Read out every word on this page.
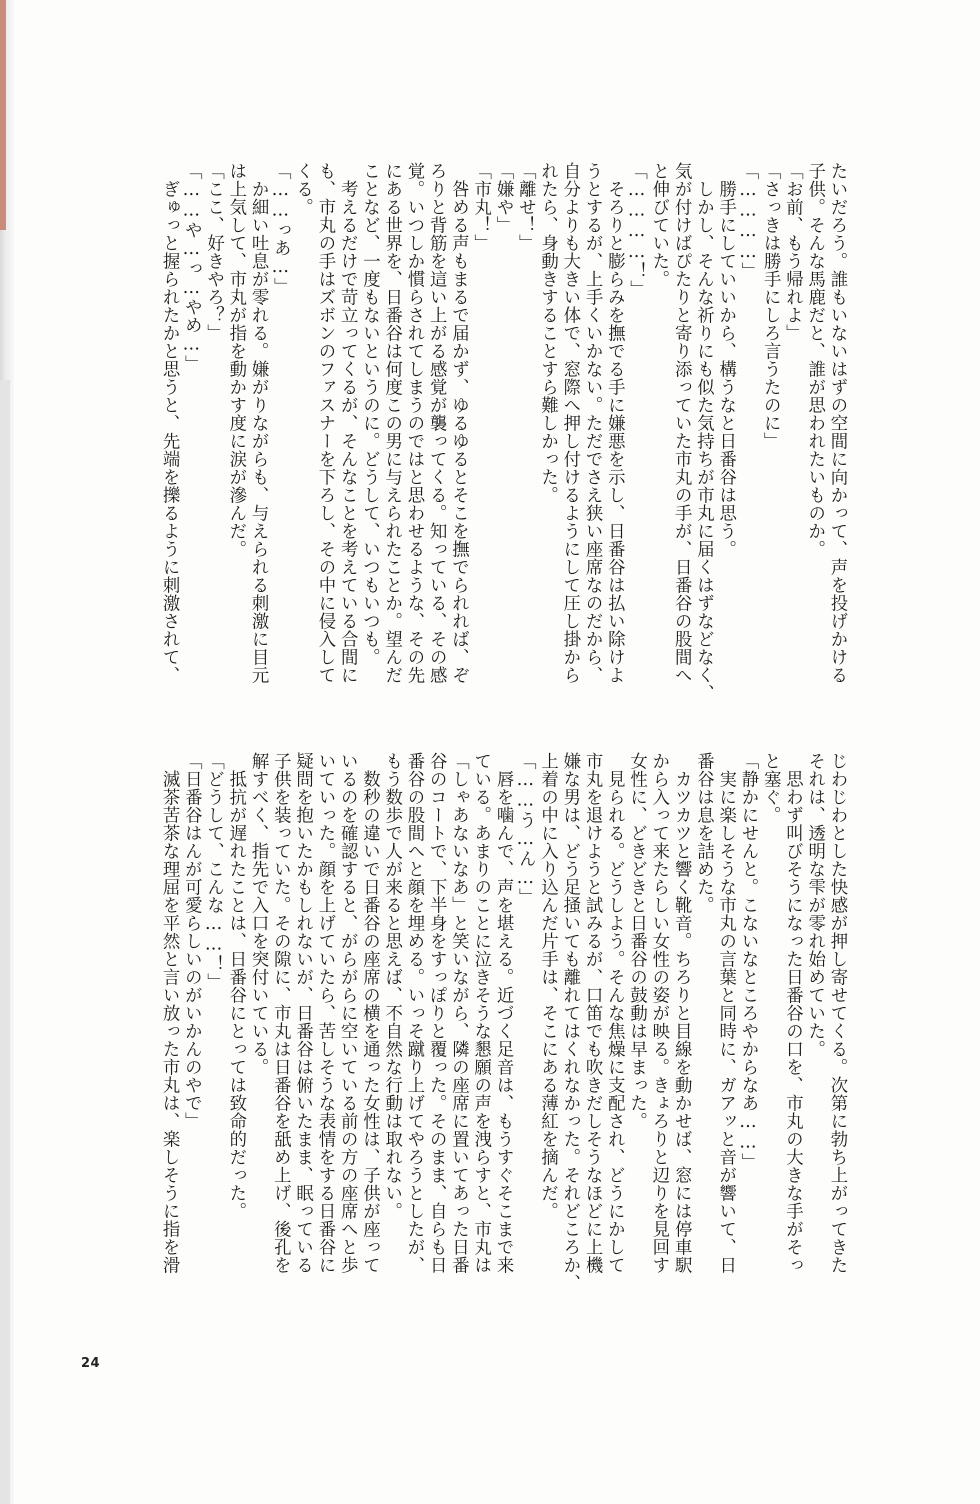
たいだろう。誰もいないはずの空間に向かって、声を投げかける

子供。そんな馬鹿だと、誰が思われたいものか。

「お前、もう帰れよ」

「さっきは勝手にしろ言うたのに」

「…………」

　勝手にしていいから、構うなと日番谷は思う。

　しかし、そんな祈りにも似た気持ちが市丸に届くはずなどなく、

気が付けばぴたりと寄り添っていた市丸の手が、日番谷の股間へ

と伸びていた。

「…………！」

　そろりと膨らみを撫でる手に嫌悪を示し、日番谷は払い除けよ

うとするが、上手くいかない。ただでさえ狭い座席なのだから、

自分よりも大きい体で、窓際へ押し付けるようにして圧し掛から

れたら、身動きすることすら難しかった。

「離せ！」

「嫌や」

「市丸！」

　咎める声もまるで届かず、ゆるゆるとそこを撫でられれば、ぞ

ろりと背筋を這い上がる感覚が襲ってくる。知っている、その感

覚。いつしか慣らされてしまうのではと思わせるような、その先

にある世界を、日番谷は何度この男に与えられたことか。望んだ

ことなど、一度もないというのに。どうして、いつもいつも。

　考えるだけで苛立ってくるが、そんなことを考えている合間に

も、市丸の手はズボンのファスナーを下ろし、その中に侵入して

くる。

「……っあ…」

　か細い吐息が零れる。嫌がりながらも、与えられる刺激に目元

は上気して、市丸が指を動かす度に涙が滲んだ。

「ここ、好きやろ？」

「……や…っ…やめ…」

　ぎゅっと握られたかと思うと、先端を擽るように刺激されて、

じわじわとした快感が押し寄せてくる。次第に勃ち上がってきた

それは、透明な雫が零れ始めていた。

　思わず叫びそうになった日番谷の口を、市丸の大きな手がそっ

と塞ぐ。

「静かにせんと。こないなところやからなあ……」

　実に楽しそうな市丸の言葉と同時に、ガアッと音が響いて、日

番谷は息を詰めた。

　カツカツと響く靴音。ちろりと目線を動かせば、窓には停車駅

から入って来たらしい女性の姿が映る。きょろりと辺りを見回す

女性に、どきどきと日番谷の鼓動は早まった。

　見られる。どうしよう。そんな焦燥に支配され、どうにかして

市丸を退けようと試みるが、口笛でも吹きだしそうなほどに上機

嫌な男は、どう足掻いても離れてはくれなかった。それどころか、

上着の中に入り込んだ片手は、そこにある薄紅を摘んだ。

「……う…ん…」

　唇を噛んで、声を堪える。近づく足音は、もうすぐそこまで来

ている。あまりのことに泣きそうな懇願の声を洩らすと、市丸は

「しゃあないなあ」と笑いながら、隣の座席に置いてあった日番

谷のコートで、下半身をすっぽりと覆った。そのまま、自らも日

番谷の股間へと顔を埋める。いっそ蹴り上げてやろうとしたが、

もう数歩で人が来ると思えば、不自然な行動は取れない。

　数秒の違いで日番谷の座席の横を通った女性は、子供が座って

いるのを確認すると、がらがらに空いている前の方の座席へと歩

いていった。顔を上げていたら、苦しそうな表情をする日番谷に

疑問を抱いたかもしれないが、日番谷は俯いたまま、眠っている

子供を装っていた。その隙に、市丸は日番谷を舐め上げ、後孔を

解すべく、指先で入口を突付いている。

　抵抗が遅れたことは、日番谷にとっては致命的だった。

「どうして、こんな……！」

「日番谷はんが可愛らしいのがいかんのやで」

　滅茶苦茶な理屈を平然と言い放った市丸は、楽しそうに指を滑

24
